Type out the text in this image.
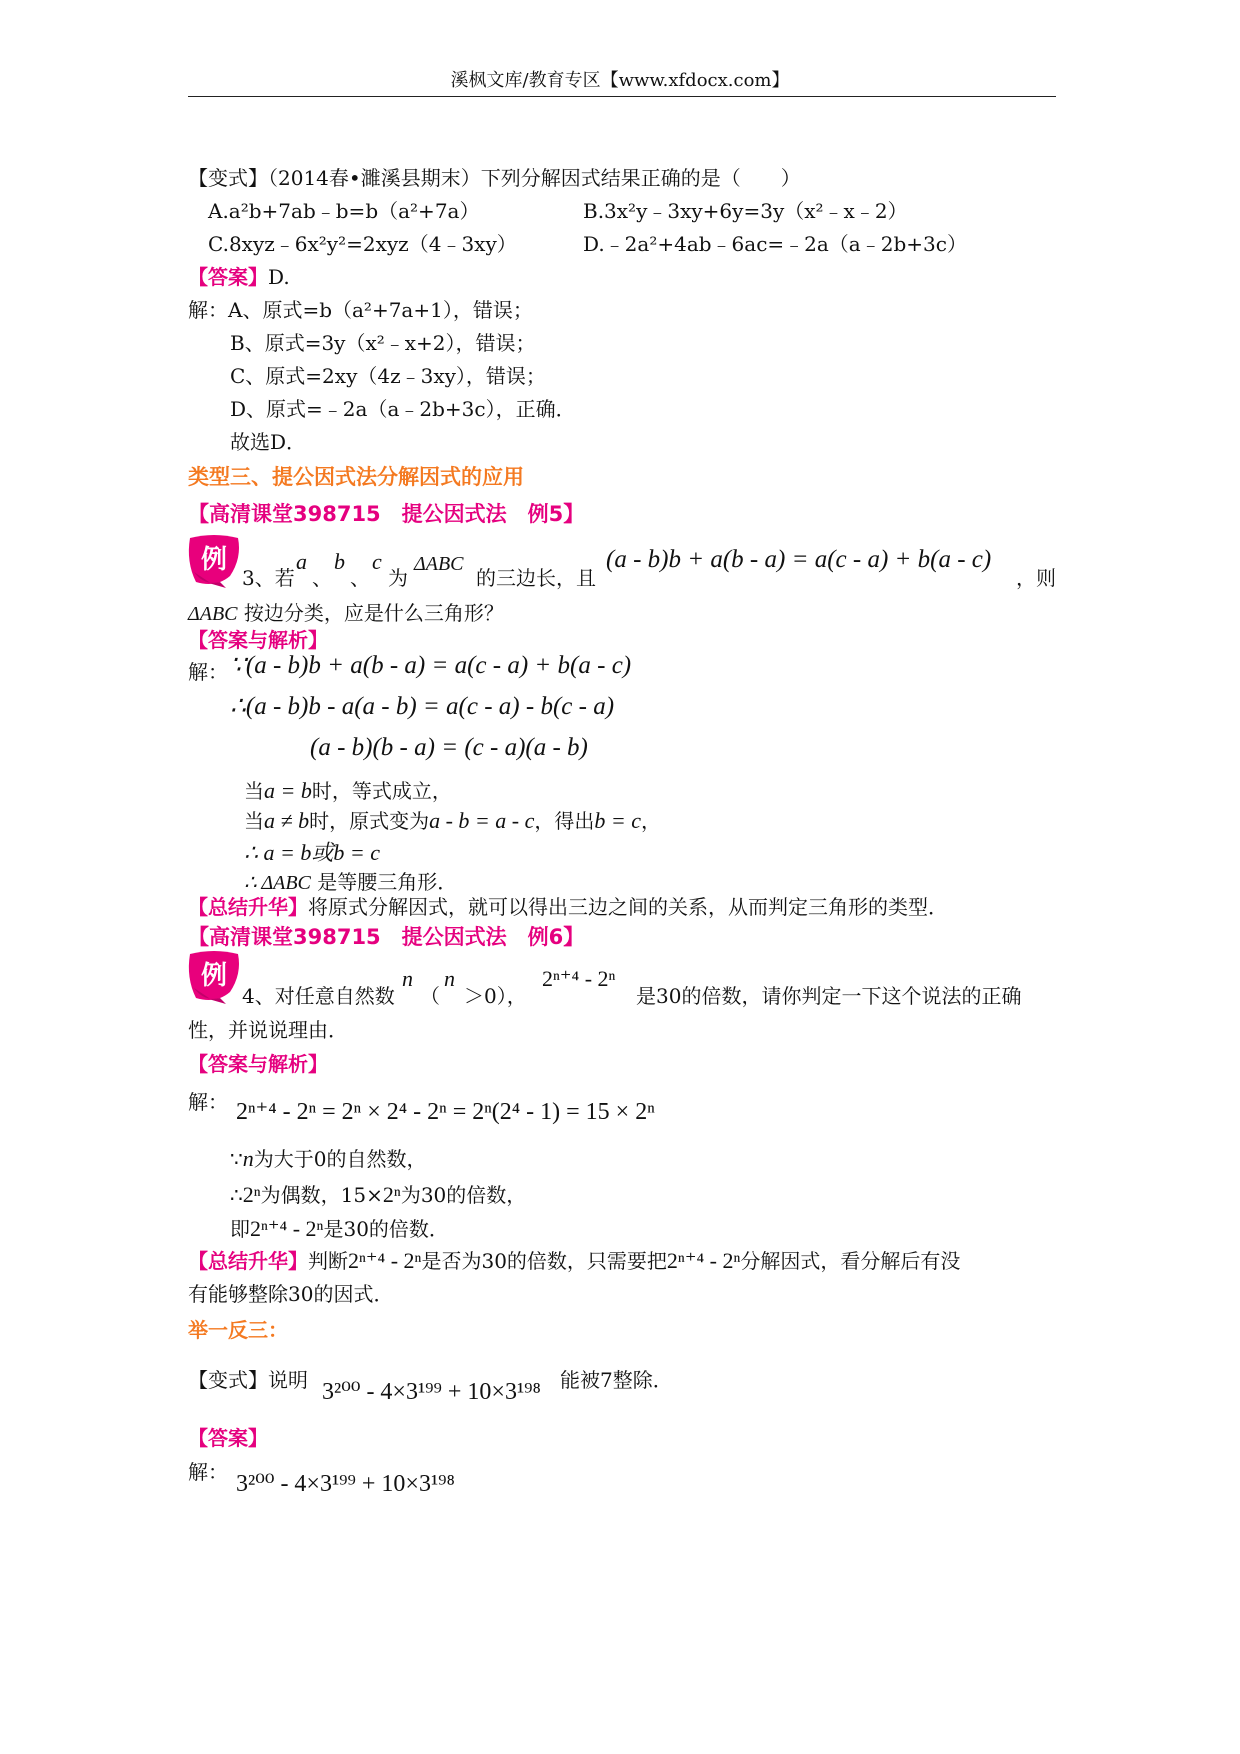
溪枫文库/教育专区【www.xfdocx.com】
【变式】（2014春•濉溪县期末）下列分解因式结果正确的是（　　）
A.a²b+7ab﹣b=b（a²+7a）	B.3x²y﹣3xy+6y=3y（x²﹣x﹣2）
C.8xyz﹣6x²y²=2xyz（4﹣3xy）	D.﹣2a²+4ab﹣6ac=﹣2a（a﹣2b+3c）
【答案】D.
解：A、原式=b（a²+7a+1），错误；
B、原式=3y（x²﹣x+2），错误；
C、原式=2xy（4z﹣3xy），错误；
D、原式=﹣2a（a﹣2b+3c），正确．
故选D．
类型三、提公因式法分解因式的应用
【高清课堂398715　提公因式法　例5】
例
3、若
a
、
b
、
c
为
ΔABC
的三边长，且
(a - b)b + a(b - a) = a(c - a) + b(a - c)
，则
ΔABC 按边分类，应是什么三角形？
【答案与解析】
解： ∵(a - b)b + a(b - a) = a(c - a) + b(a - c)
∴(a - b)b - a(a - b) = a(c - a) - b(c - a)
(a - b)(b - a) = (c - a)(a - b)
当a = b时，等式成立，
当a ≠ b时，原式变为a - b = a - c，得出b = c，
∴ a = b或b = c
∴ ΔABC 是等腰三角形．
【总结升华】将原式分解因式，就可以得出三边之间的关系，从而判定三角形的类型．
【高清课堂398715　提公因式法　例6】
例
4、对任意自然数
n
（
n
＞0），
2ⁿ⁺⁴ - 2ⁿ
是30的倍数，请你判定一下这个说法的正确
性，并说说理由．
【答案与解析】
解： 2ⁿ⁺⁴ - 2ⁿ = 2ⁿ × 2⁴ - 2ⁿ = 2ⁿ(2⁴ - 1) = 15 × 2ⁿ
∵n为大于0的自然数，
∴2ⁿ为偶数，15×2ⁿ为30的倍数，
即2ⁿ⁺⁴ - 2ⁿ是30的倍数．
【总结升华】判断2ⁿ⁺⁴ - 2ⁿ是否为30的倍数，只需要把2ⁿ⁺⁴ - 2ⁿ分解因式，看分解后有没
有能够整除30的因式．
举一反三：
【变式】说明 3²⁰⁰ - 4×3¹⁹⁹ + 10×3¹⁹⁸ 能被7整除．
【答案】
解： 3²⁰⁰ - 4×3¹⁹⁹ + 10×3¹⁹⁸
